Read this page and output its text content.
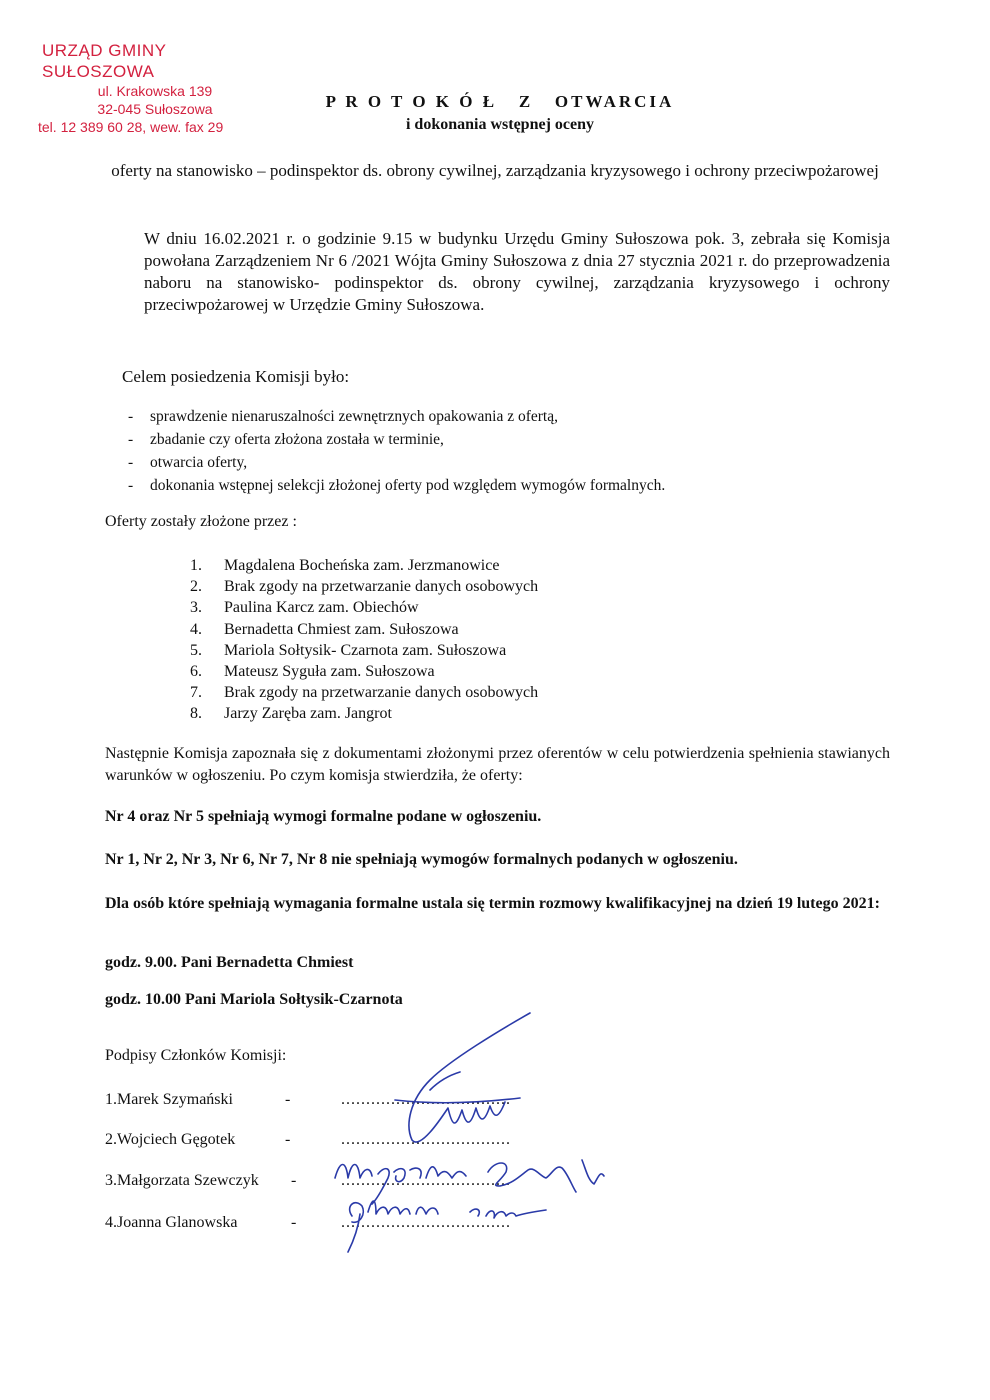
URZĄD GMINY SUŁOSZOWA
ul. Krakowska 139
32-045 Sułoszowa
tel. 12 389 60 28, wew. fax 29
P R O T O K Ó Ł   Z   OTWARCIA
i dokonania wstępnej oceny
oferty na stanowisko – podinspektor ds. obrony cywilnej, zarządzania kryzysowego i ochrony przeciwpożarowej
W dniu 16.02.2021 r. o godzinie 9.15 w budynku Urzędu Gminy Sułoszowa pok. 3, zebrała się Komisja powołana Zarządzeniem Nr 6 /2021 Wójta Gminy Sułoszowa z dnia 27 stycznia 2021 r. do przeprowadzenia naboru na stanowisko- podinspektor ds. obrony cywilnej, zarządzania kryzysowego i ochrony przeciwpożarowej w Urzędzie Gminy Sułoszowa.
Celem posiedzenia Komisji było:
- sprawdzenie nienaruszalności zewnętrznych opakowania z ofertą,
- zbadanie czy oferta złożona została w terminie,
- otwarcia oferty,
- dokonania wstępnej selekcji złożonej oferty pod względem wymogów formalnych.
Oferty zostały złożone przez :
1.	Magdalena Bocheńska zam. Jerzmanowice
2.	Brak zgody na przetwarzanie danych osobowych
3.	Paulina Karcz zam. Obiechów
4.	Bernadetta Chmiest zam. Sułoszowa
5.	Mariola Sołtysik- Czarnota zam. Sułoszowa
6.	Mateusz Syguła zam. Sułoszowa
7.	Brak zgody na przetwarzanie danych osobowych
8.	Jarzy Zaręba zam. Jangrot
Następnie Komisja zapoznała się z dokumentami złożonymi przez oferentów w celu potwierdzenia spełnienia stawianych warunków w ogłoszeniu. Po czym komisja stwierdziła, że oferty:
Nr 4 oraz Nr 5 spełniają wymogi formalne podane w ogłoszeniu.
Nr 1, Nr 2, Nr 3, Nr 6, Nr 7, Nr 8 nie spełniają wymogów formalnych podanych w ogłoszeniu.
Dla osób które spełniają wymagania formalne ustala się termin rozmowy kwalifikacyjnej na dzień 19 lutego 2021:
godz. 9.00. Pani Bernadetta Chmiest
godz. 10.00 Pani Mariola Sołtysik-Czarnota
Podpisy Członków Komisji:
1.Marek Szymański	-	..................................
2.Wojciech Gęgotek	-	..................................
3.Małgorzata Szewczyk -	..................................
4.Joanna Glanowska	-	..................................
